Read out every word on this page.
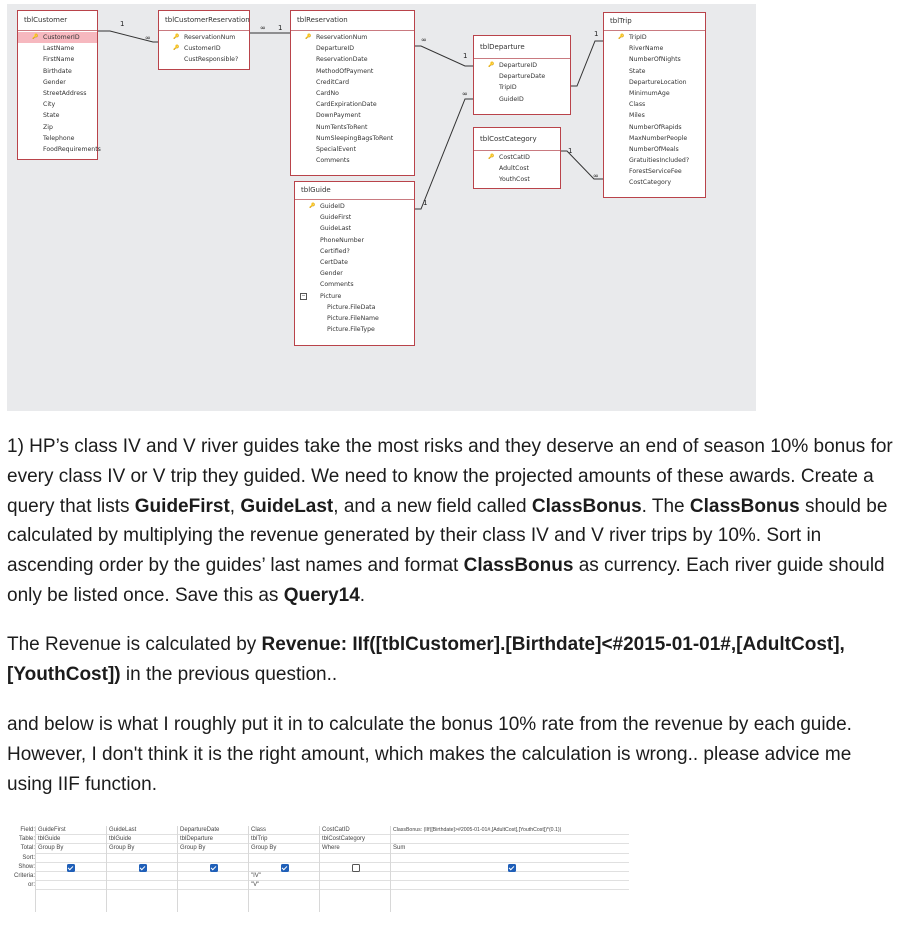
1
∞
∞ 1
∞
1
∞
1
1
1
∞
tblCustomer
🔑 CustomerID
LastName
FirstName
Birthdate
Gender
StreetAddress
City
State
Zip
Telephone
FoodRequirements
tblCustomerReservation
🔑 ReservationNum
🔑 CustomerID
CustResponsible?
tblReservation
🔑 ReservationNum
DepartureID
ReservationDate
MethodOfPayment
CreditCard
CardNo
CardExpirationDate
DownPayment
NumTentsToRent
NumSleepingBagsToRent
SpecialEvent
Comments
tblDeparture
🔑 DepartureID
DepartureDate
TripID
GuideID
tblCostCategory
🔑 CostCatID
AdultCost
YouthCost
tblTrip
🔑 TripID
RiverName
NumberOfNights
State
DepartureLocation
MinimumAge
Class
Miles
NumberOfRapids
MaxNumberPeople
NumberOfMeals
GratuitiesIncluded?
ForestServiceFee
CostCategory
tblGuide
🔑 GuideID
GuideFirst
GuideLast
PhoneNumber
Certified?
CertDate
Gender
Comments
− Picture
Picture.FileData
Picture.FileName
Picture.FileType
1) HP’s class IV and V river guides take the most risks and they deserve an end of season 10% bonus for
every class IV or V trip they guided. We need to know the projected amounts of these awards. Create a
query that lists GuideFirst, GuideLast, and a new field called ClassBonus. The ClassBonus should be
calculated by multiplying the revenue generated by their class IV and V river trips by 10%. Sort in
ascending order by the guides’ last names and format ClassBonus as currency. Each river guide should
only be listed once. Save this as Query14.
The Revenue is calculated by Revenue: IIf([tblCustomer].[Birthdate]<#2015-01-01#,[AdultCost],
[YouthCost]) in the previous question..
and below is what I roughly put it in to calculate the bonus 10% rate from the revenue by each guide.
However, I don't think it is the right amount, which makes the calculation is wrong.. please advice me
using IIF function.
Field:
Table:
Total:
Sort:
Show:
Criteria:
or:
GuideFirst
tblGuide
Group By
GuideLast
tblGuide
Group By
DepartureDate
tblDeparture
Group By
Class
tblTrip
Group By
"IV"
"V"
CostCatID
tblCostCategory
Where
ClassBonus: (IIf([Birthdate]>#2005-01-01#,[AdultCost],[YouthCost])*(0.1))
Sum
